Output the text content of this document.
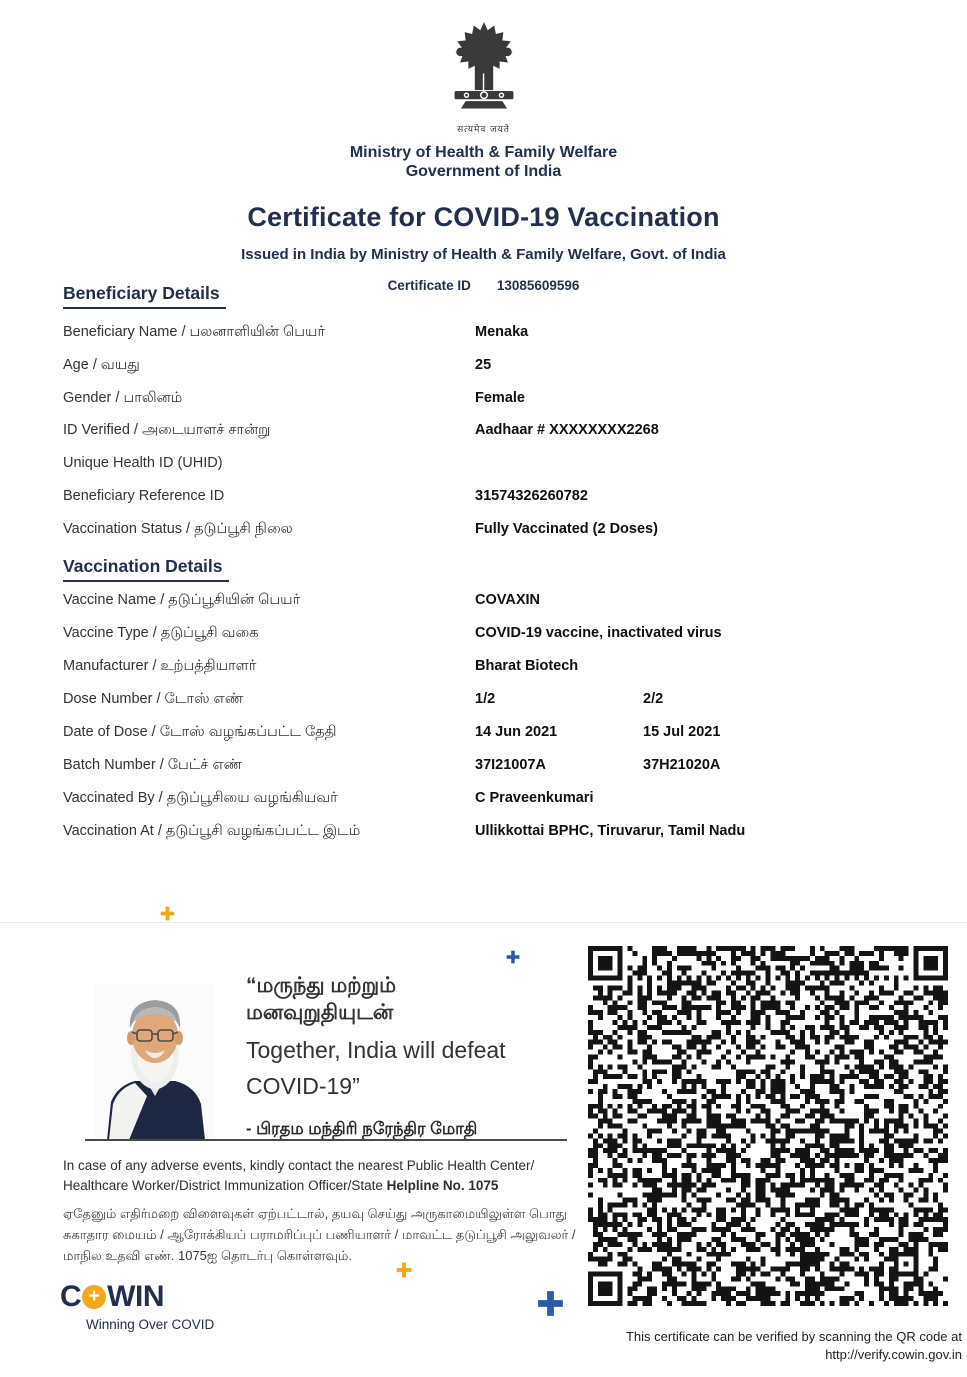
सत्यमेव जयते
Ministry of Health & Family Welfare
Government of India
Certificate for COVID-19 Vaccination
Issued in India by Ministry of Health & Family Welfare, Govt. of India
Certificate ID 13085609596
Beneficiary Details
Beneficiary Name / பலனாளியின் பெயர்	Menaka
Age / வயது	25
Gender / பாலினம்	Female
ID Verified / அடையாளச் சான்று	Aadhaar # XXXXXXXX2268
Unique Health ID (UHID)
Beneficiary Reference ID	31574326260782
Vaccination Status / தடுப்பூசி நிலை	Fully Vaccinated (2 Doses)
Vaccination Details
Vaccine Name / தடுப்பூசியின் பெயர்	COVAXIN
Vaccine Type / தடுப்பூசி வகை	COVID-19 vaccine, inactivated virus
Manufacturer / உற்பத்தியாளர்	Bharat Biotech
Dose Number / டோஸ் எண்	1/2	2/2
Date of Dose / டோஸ் வழங்கப்பட்ட தேதி	14 Jun 2021	15 Jul 2021
Batch Number / பேட்ச் எண்	37I21007A	37H21020A
Vaccinated By / தடுப்பூசியை வழங்கியவர்	C Praveenkumari
Vaccination At / தடுப்பூசி வழங்கப்பட்ட இடம்	Ullikkottai BPHC, Tiruvarur, Tamil Nadu
“மருந்து மற்றும்
மனவுறுதியுடன்
Together, India will defeat
COVID-19”
- பிரதம மந்திரி நரேந்திர மோதி
In case of any adverse events, kindly contact the nearest Public Health Center/ Healthcare Worker/District Immunization Officer/State Helpline No. 1075
ஏதேனும் எதிர்மறை விளைவுகள் ஏற்பட்டால், தயவு செய்து அருகாமையிலுள்ள பொது சுகாதார மையம் / ஆரோக்கியப் பராமரிப்புப் பணியாளர் / மாவட்ட தடுப்பூசி அலுவலர் / மாநில உதவி எண். 1075ஐ தொடர்பு கொள்ளவும்.
C + WIN
Winning Over COVID
This certificate can be verified by scanning the QR code at
http://verify.cowin.gov.in
